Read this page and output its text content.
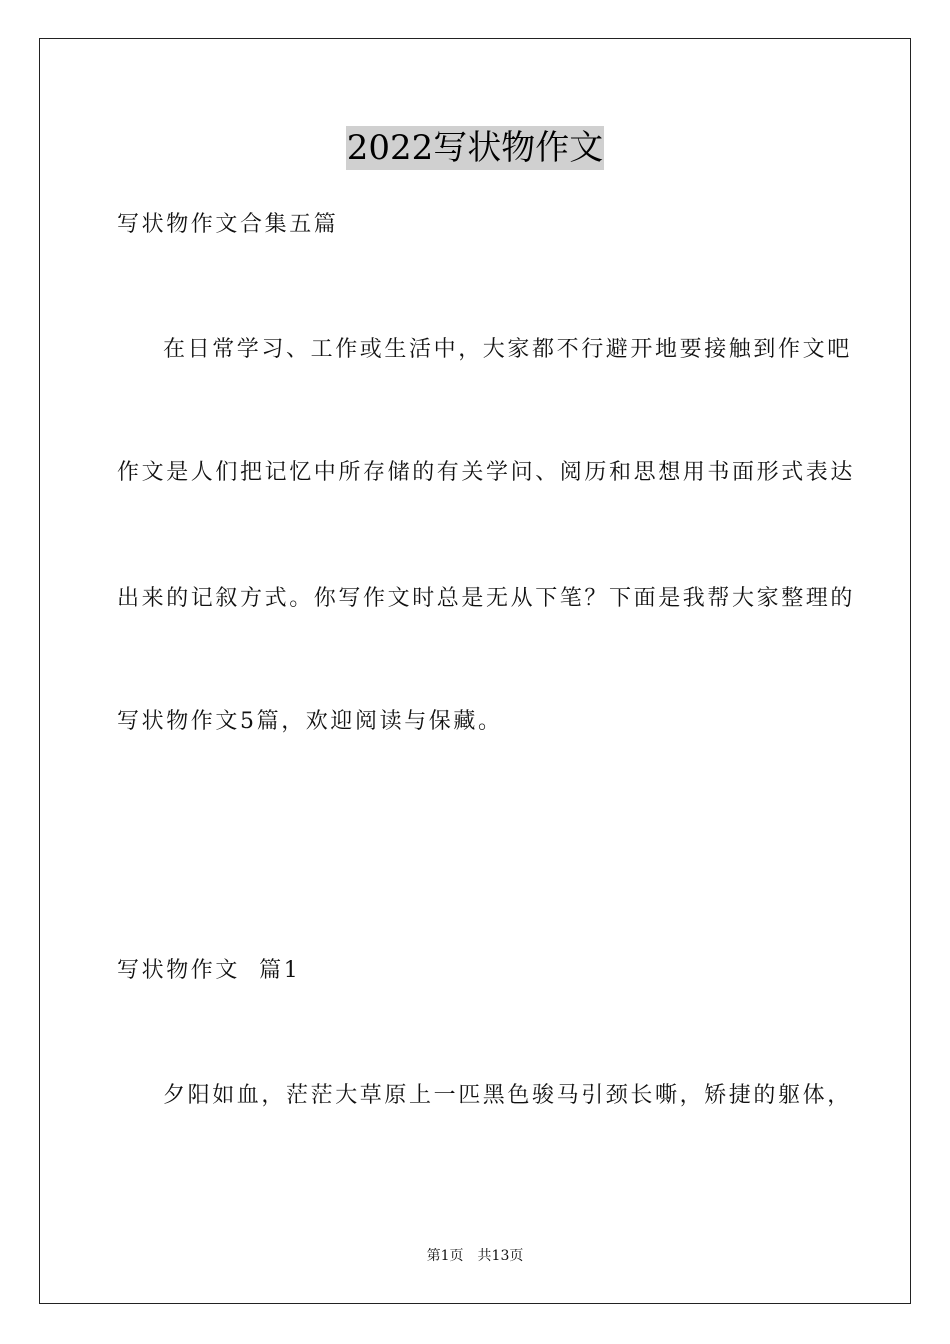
2022写状物作文
写状物作文合集五篇
在日常学习、工作或生活中，大家都不行避开地要接触到作文吧
作文是人们把记忆中所存储的有关学问、阅历和思想用书面形式表达
出来的记叙方式。你写作文时总是无从下笔？下面是我帮大家整理的
写状物作文5篇，欢迎阅读与保藏。
写状物作文  篇1
夕阳如血，茫茫大草原上一匹黑色骏马引颈长嘶，矫捷的躯体，
第1页 共13页
